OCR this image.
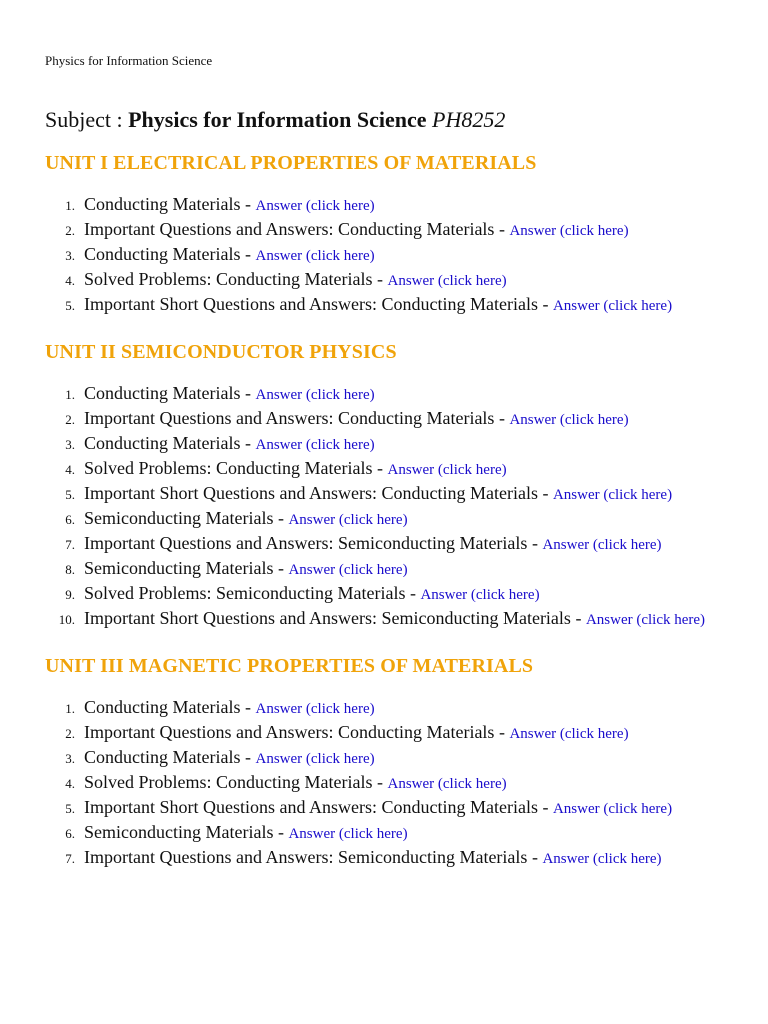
Physics for Information Science
Subject : Physics for Information Science PH8252
UNIT I ELECTRICAL PROPERTIES OF MATERIALS
1. Conducting Materials - Answer (click here)
2. Important Questions and Answers: Conducting Materials - Answer (click here)
3. Conducting Materials - Answer (click here)
4. Solved Problems: Conducting Materials - Answer (click here)
5. Important Short Questions and Answers: Conducting Materials - Answer (click here)
UNIT II SEMICONDUCTOR PHYSICS
1. Conducting Materials - Answer (click here)
2. Important Questions and Answers: Conducting Materials - Answer (click here)
3. Conducting Materials - Answer (click here)
4. Solved Problems: Conducting Materials - Answer (click here)
5. Important Short Questions and Answers: Conducting Materials - Answer (click here)
6. Semiconducting Materials - Answer (click here)
7. Important Questions and Answers: Semiconducting Materials - Answer (click here)
8. Semiconducting Materials - Answer (click here)
9. Solved Problems: Semiconducting Materials - Answer (click here)
10. Important Short Questions and Answers: Semiconducting Materials - Answer (click here)
UNIT III MAGNETIC PROPERTIES OF MATERIALS
1. Conducting Materials - Answer (click here)
2. Important Questions and Answers: Conducting Materials - Answer (click here)
3. Conducting Materials - Answer (click here)
4. Solved Problems: Conducting Materials - Answer (click here)
5. Important Short Questions and Answers: Conducting Materials - Answer (click here)
6. Semiconducting Materials - Answer (click here)
7. Important Questions and Answers: Semiconducting Materials - Answer (click here)
